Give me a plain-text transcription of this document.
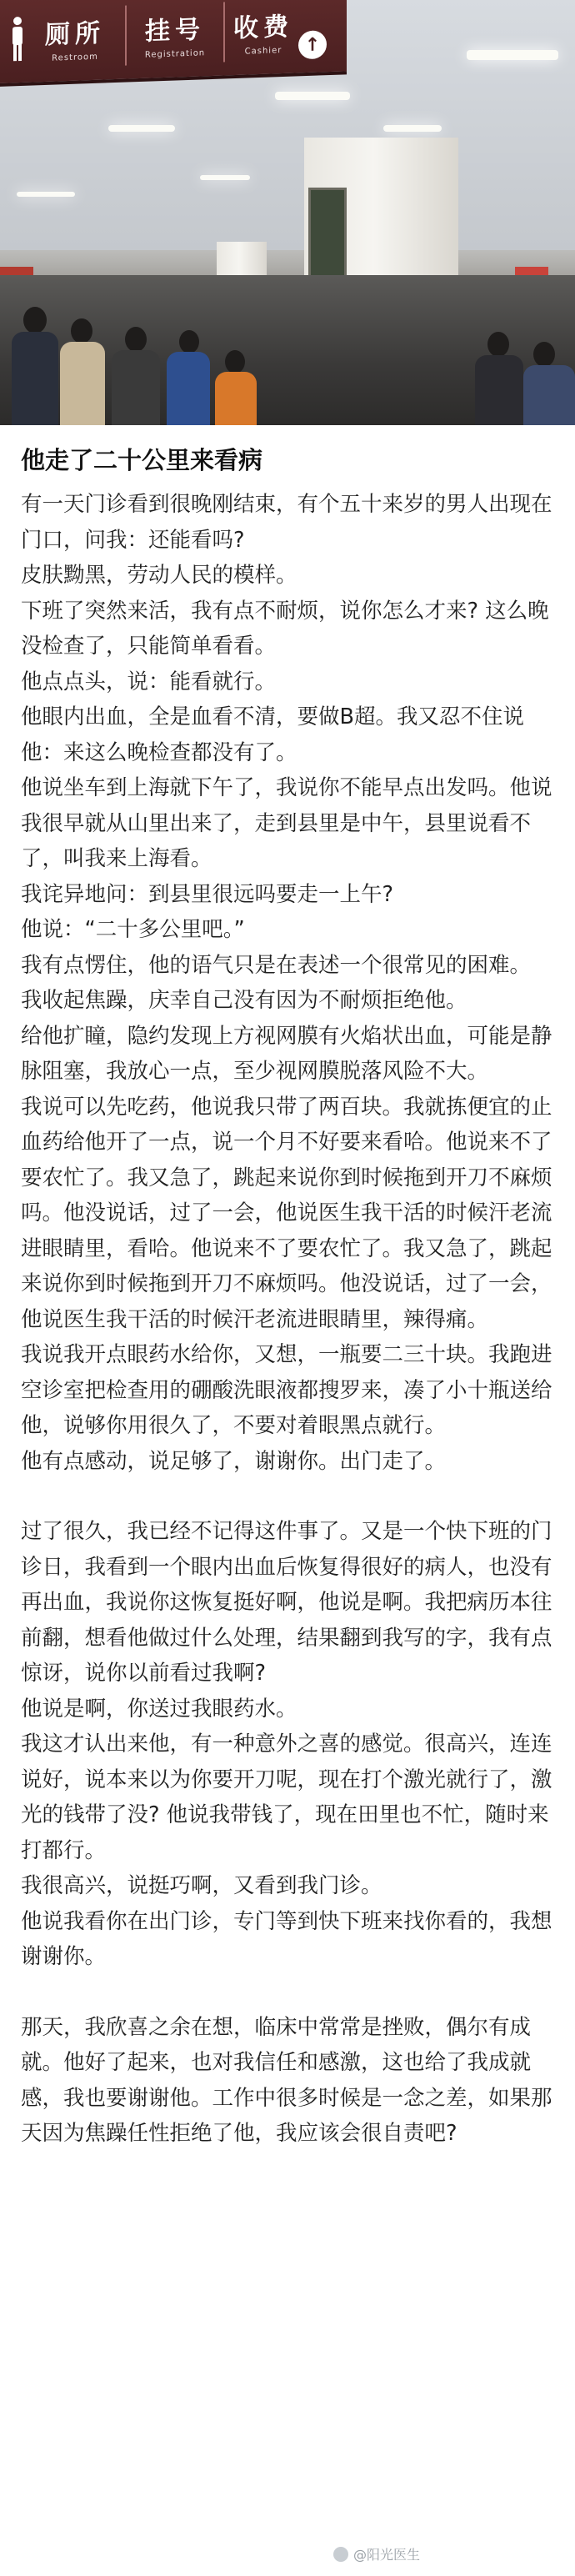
厕所
Restroom
挂号
Registration
收费
Cashier	↑
他走了二十公里来看病

有一天门诊看到很晚刚结束，有个五十来岁的男人出现在门口，问我：还能看吗?

皮肤黝黑，劳动人民的模样。

下班了突然来活，我有点不耐烦，说你怎么才来? 这么晚没检查了，只能简单看看。

他点点头，说：能看就行。

他眼内出血，全是血看不清，要做B超。我又忍不住说他：来这么晚检查都没有了。

他说坐车到上海就下午了，我说你不能早点出发吗。他说我很早就从山里出来了，走到县里是中午，县里说看不了，叫我来上海看。

我诧异地问：到县里很远吗要走一上午?

他说：“二十多公里吧。”

我有点愣住，他的语气只是在表述一个很常见的困难。

我收起焦躁，庆幸自己没有因为不耐烦拒绝他。

给他扩瞳，隐约发现上方视网膜有火焰状出血，可能是静脉阻塞，我放心一点，至少视网膜脱落风险不大。

我说可以先吃药，他说我只带了两百块。我就拣便宜的止血药给他开了一点，说一个月不好要来看哈。他说来不了要农忙了。我又急了，跳起来说你到时候拖到开刀不麻烦吗。他没说话，过了一会，他说医生我干活的时候汗老流进眼睛里，看哈。他说来不了要农忙了。我又急了，跳起来说你到时候拖到开刀不麻烦吗。他没说话，过了一会，他说医生我干活的时候汗老流进眼睛里，辣得痛。

我说我开点眼药水给你，又想，一瓶要二三十块。我跑进空诊室把检查用的硼酸洗眼液都搜罗来，凑了小十瓶送给他，说够你用很久了，不要对着眼黑点就行。

他有点感动，说足够了，谢谢你。出门走了。

过了很久，我已经不记得这件事了。又是一个快下班的门诊日，我看到一个眼内出血后恢复得很好的病人，也没有再出血，我说你这恢复挺好啊，他说是啊。我把病历本往前翻，想看他做过什么处理，结果翻到我写的字，我有点惊讶，说你以前看过我啊?

他说是啊，你送过我眼药水。

我这才认出来他，有一种意外之喜的感觉。很高兴，连连说好，说本来以为你要开刀呢，现在打个激光就行了，激光的钱带了没? 他说我带钱了，现在田里也不忙，随时来打都行。

我很高兴，说挺巧啊，又看到我门诊。

他说我看你在出门诊，专门等到快下班来找你看的，我想谢谢你。

那天，我欣喜之余在想，临床中常常是挫败，偶尔有成就。他好了起来，也对我信任和感激，这也给了我成就感，我也要谢谢他。工作中很多时候是一念之差，如果那天因为焦躁任性拒绝了他，我应该会很自责吧?

@阳光医生
